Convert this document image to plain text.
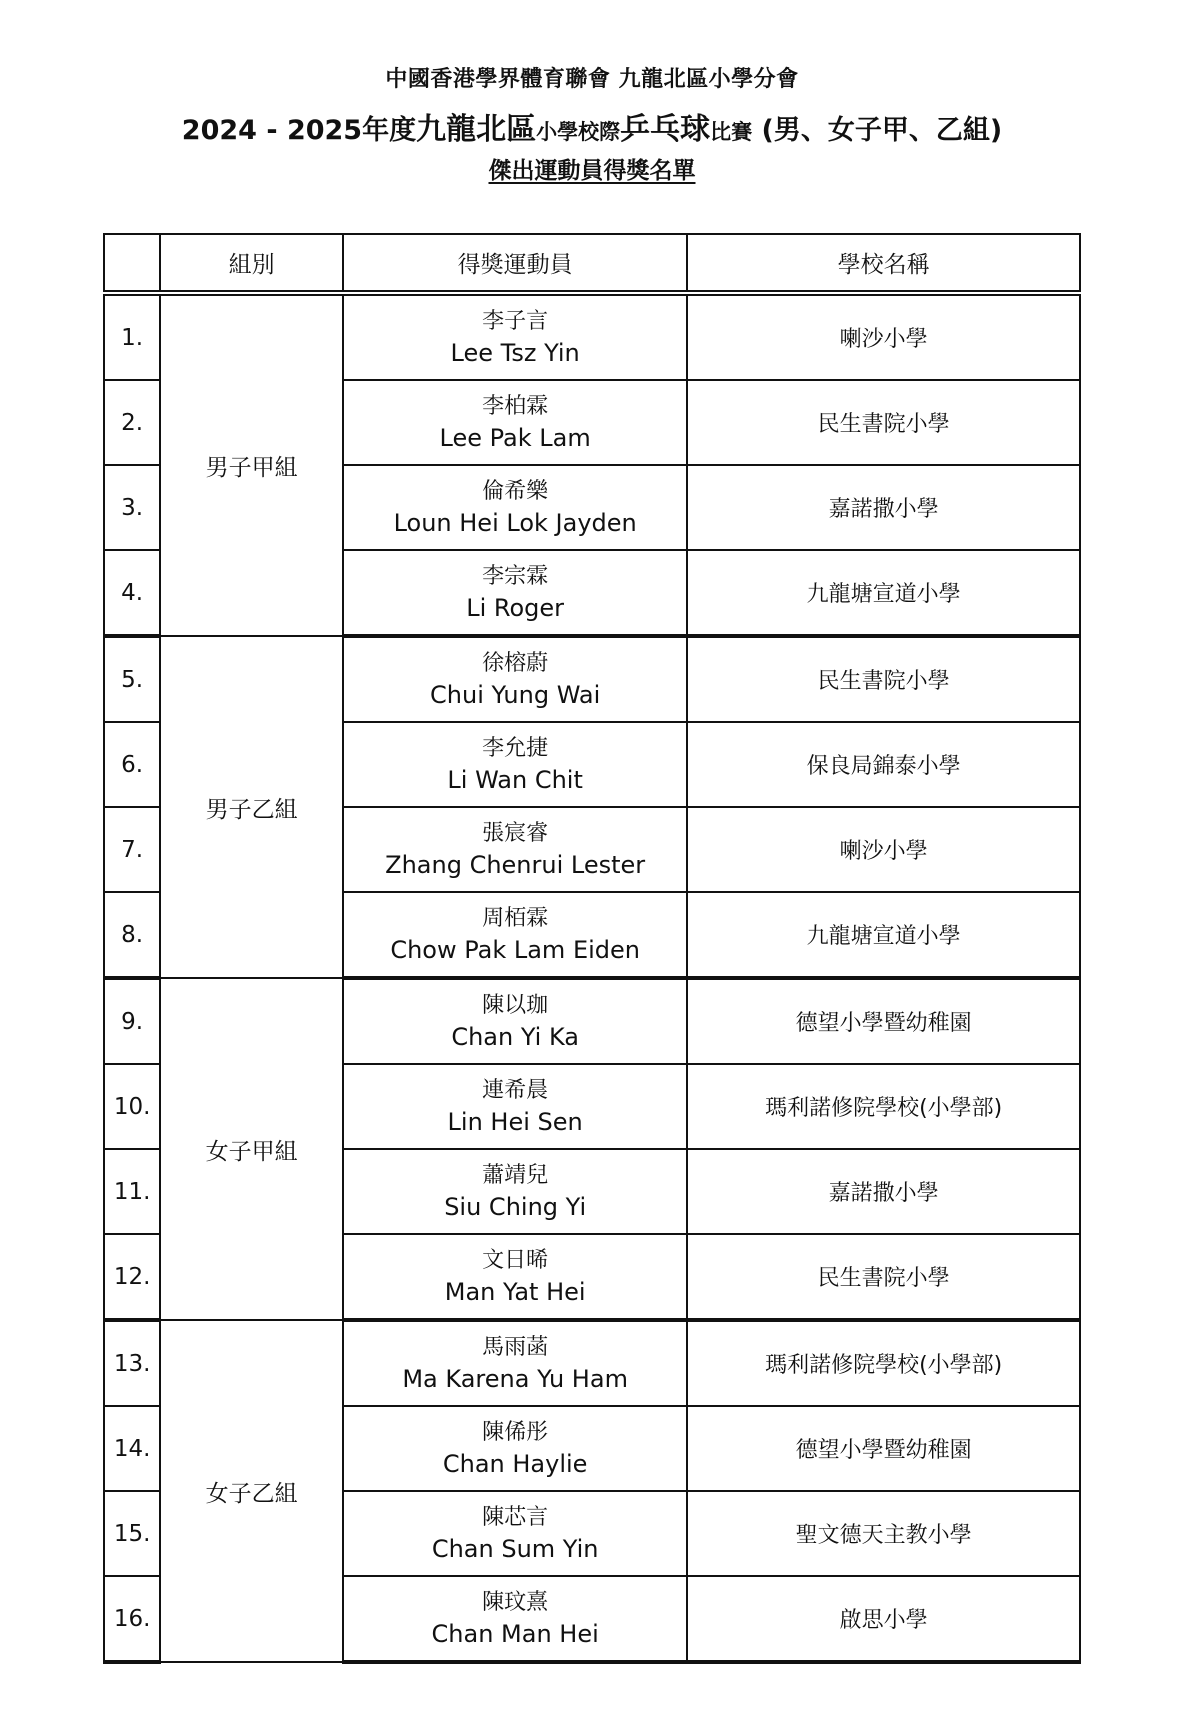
中國香港學界體育聯會 九龍北區小學分會
2024 - 2025年度九龍北區小學校際乒乓球比賽 (男、女子甲、乙組)
傑出運動員得獎名單
	組別	得獎運動員	學校名稱
1.	男子甲組	李子言
Lee Tsz Yin	喇沙小學
2.		李柏霖
Lee Pak Lam	民生書院小學
3.		倫希樂
Loun Hei Lok Jayden	嘉諾撒小學
4.		李宗霖
Li Roger	九龍塘宣道小學
5.	男子乙組	徐榕蔚
Chui Yung Wai	民生書院小學
6.		李允捷
Li Wan Chit	保良局錦泰小學
7.		張宸睿
Zhang Chenrui Lester	喇沙小學
8.		周栢霖
Chow Pak Lam Eiden	九龍塘宣道小學
9.	女子甲組	陳以珈
Chan Yi Ka	德望小學暨幼稚園
10.		連希晨
Lin Hei Sen	瑪利諾修院學校(小學部)
11.		蕭靖兒
Siu Ching Yi	嘉諾撒小學
12.		文日晞
Man Yat Hei	民生書院小學
13.	女子乙組	馬雨菡
Ma Karena Yu Ham	瑪利諾修院學校(小學部)
14.		陳俙彤
Chan Haylie	德望小學暨幼稚園
15.		陳芯言
Chan Sum Yin	聖文德天主教小學
16.		陳玟熹
Chan Man Hei	啟思小學
